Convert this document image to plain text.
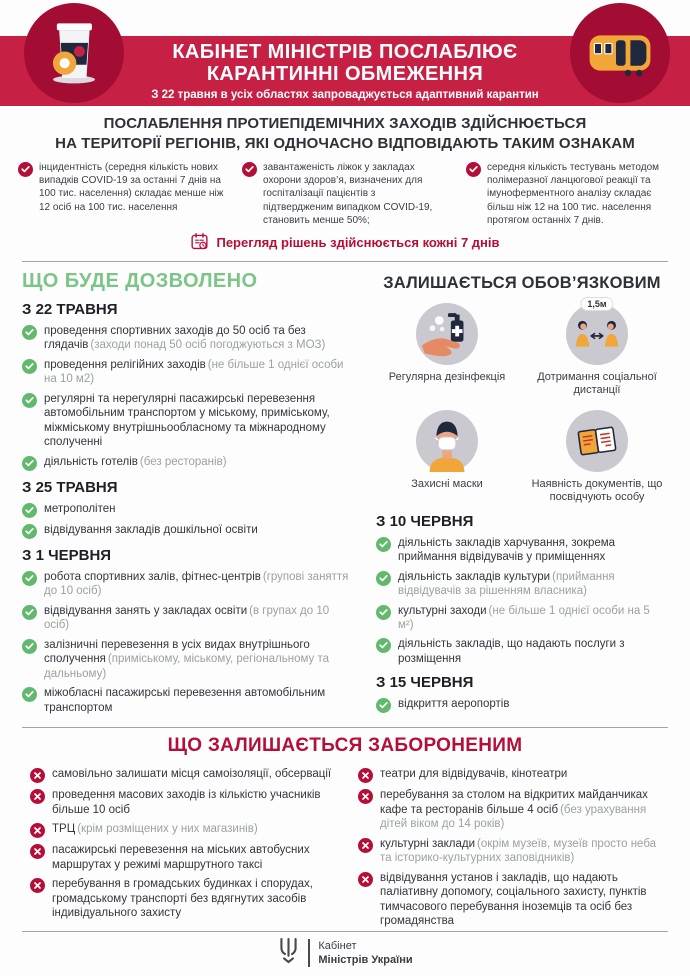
КАБІНЕТ МІНІСТРІВ ПОСЛАБЛЮЄ
КАРАНТИННІ ОБМЕЖЕННЯ
З 22 травня в усіх областях запроваджується адаптивний карантин
ПОСЛАБЛЕННЯ ПРОТИЕПІДЕМІЧНИХ ЗАХОДІВ ЗДІЙСНЮЄТЬСЯ
НА ТЕРИТОРІЇ РЕГІОНІВ, ЯКІ ОДНОЧАСНО ВІДПОВІДАЮТЬ ТАКИМ ОЗНАКАМ

інцидентність (середня кількість нових випадків COVID-19 за останні 7 днів на 100 тис. населення) складає менше ніж 12 осіб на 100 тис. населення

завантаженість ліжок у закладах охорони здоров’я, визначених для госпіталізації пацієнтів з підтвердженим випадком COVID-19, становить менше 50%;

середня кількість тестувань методом полімеразної ланцюгової реакції та імуноферментного аналізу складає більш ніж 12 на 100 тис. населення протягом останніх 7 днів.

Перегляд рішень здійснюється кожні 7 днів
ЩО БУДЕ ДОЗВОЛЕНО
З 22 ТРАВНЯ
проведення спортивних заходів до 50 осіб та без глядачів (заходи понад 50 осіб погоджуються з МОЗ)
проведення релігійних заходів (не більше 1 однієї особи на 10 м2)
регулярні та нерегулярні пасажирські перевезення автомобільним транспортом у міському, приміському, міжміському внутрішньообласному та міжнародному сполученні
діяльність готелів (без ресторанів)
З 25 ТРАВНЯ
метрополітен
відвідування закладів дошкільної освіти
З 1 ЧЕРВНЯ
робота спортивних залів, фітнес-центрів (групові заняття до 10 осіб)
відвідування занять у закладах освіти (в групах до 10 осіб)
залізничні перевезення в усіх видах внутрішнього сполучення (приміському, міському, регіональному та дальньому)
міжобласні пасажирські перевезення автомобільним транспортом
ЗАЛИШАЄТЬСЯ ОБОВ’ЯЗКОВИМ
Регулярна дезінфекція
1,5м
Дотримання соціальної дистанції
Захисні маски	Наявність документів, що посвідчують особу
З 10 ЧЕРВНЯ
діяльність закладів харчування, зокрема приймання відвідувачів у приміщеннях
діяльність закладів культури (приймання відвідувачів за рішенням власника)
культурні заходи (не більше 1 однієї особи на 5 м²)
діяльність закладів, що надають послуги з розміщення
З 15 ЧЕРВНЯ
відкриття аеропортів
ЩО ЗАЛИШАЄТЬСЯ ЗАБОРОНЕНИМ
самовільно залишати місця самоізоляції, обсервації
проведення масових заходів із кількістю учасників більше 10 осіб
ТРЦ (крім розміщених у них магазинів)
пасажирські перевезення на міських автобусних маршрутах у режимі маршрутного таксі
перебування в громадських будинках і спорудах, громадському транспорті без вдягнутих засобів індивідуального захисту
театри для відвідувачів, кінотеатри
перебування за столом на відкритих майданчиках кафе та ресторанів більше 4 осіб (без урахування дітей віком до 14 років)
культурні заклади (окрім музеїв, музеїв просто неба та історико-культурних заповідників)
відвідування установ і закладів, що надають паліативну допомогу, соціального захисту, пунктів тимчасового перебування іноземців та осіб без громадянства
Кабінет
Міністрів України
